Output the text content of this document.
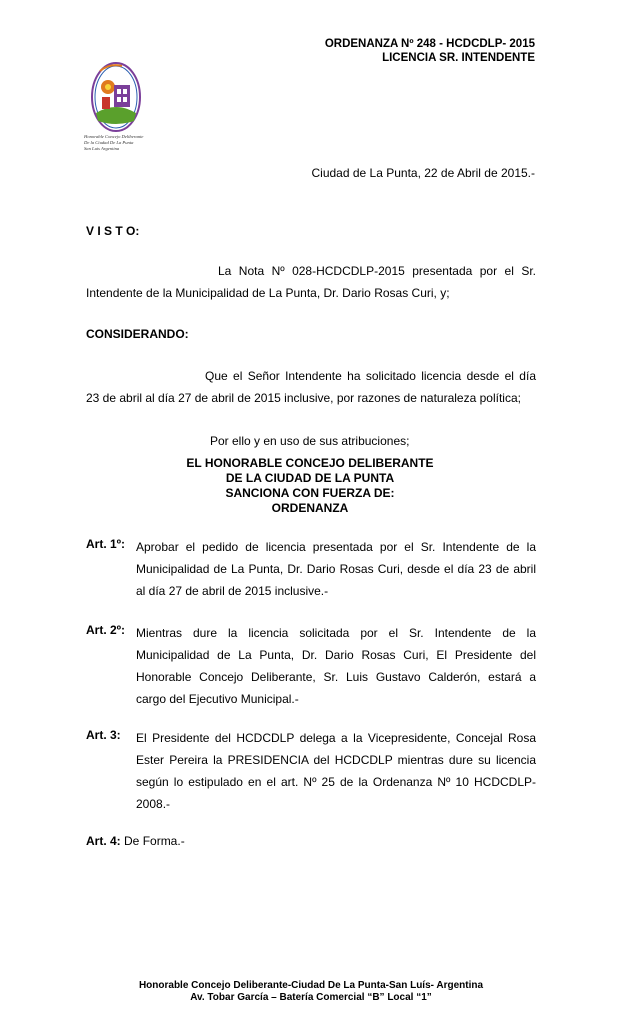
ORDENANZA Nº 248 - HCDCDLP- 2015
LICENCIA SR. INTENDENTE
Honorable Concejo Deliberante
De la Ciudad De La Punta
San Luis Argentina
Ciudad de La Punta, 22 de Abril de 2015.-
V I S T O:
La Nota Nº 028-HCDCDLP-2015 presentada por el Sr.
Intendente de la Municipalidad de La Punta, Dr. Dario Rosas Curi, y;
CONSIDERANDO:
Que el Señor Intendente ha solicitado licencia desde el día
23 de abril al día 27 de abril de 2015 inclusive, por razones de naturaleza política;
Por ello y en uso de sus atribuciones;
EL HONORABLE CONCEJO DELIBERANTE
DE LA CIUDAD DE LA PUNTA
SANCIONA CON FUERZA DE:
ORDENANZA
Art. 1º: Aprobar el pedido de licencia presentada por el Sr. Intendente de la
Municipalidad de La Punta, Dr. Dario Rosas Curi, desde el día 23 de abril
al día 27 de abril de 2015 inclusive.-
Art. 2º: Mientras dure la licencia solicitada por el Sr. Intendente de la
Municipalidad de La Punta, Dr. Dario Rosas Curi, El Presidente del
Honorable Concejo Deliberante, Sr. Luis Gustavo Calderón, estará a
cargo del Ejecutivo Municipal.-
Art. 3: El Presidente del HCDCDLP delega a la Vicepresidente, Concejal Rosa
Ester Pereira la PRESIDENCIA del HCDCDLP mientras dure su licencia
según lo estipulado en el art. Nº 25 de la Ordenanza Nº 10 HCDCDLP-
2008.-
Art. 4: De Forma.-
Honorable Concejo Deliberante-Ciudad De La Punta-San Luís- Argentina
Av. Tobar García – Batería Comercial “B” Local “1”
